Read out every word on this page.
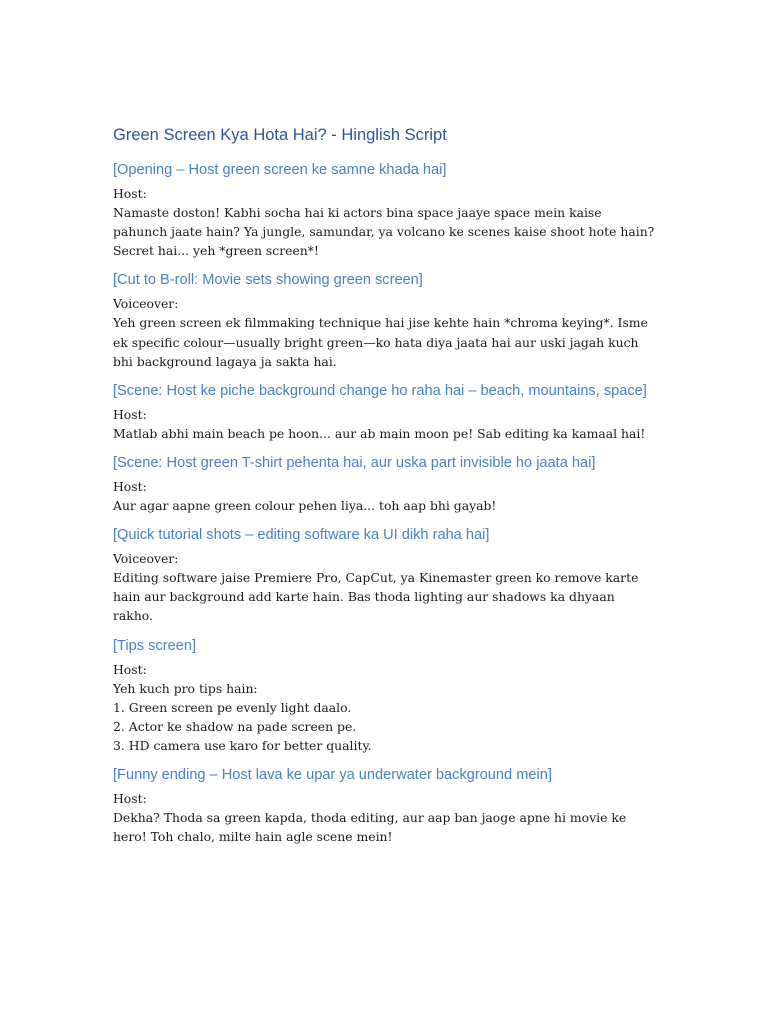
Green Screen Kya Hota Hai? - Hinglish Script
[Opening – Host green screen ke samne khada hai]

Host:

Namaste doston! Kabhi socha hai ki actors bina space jaaye space mein kaise pahunch jaate hain? Ya jungle, samundar, ya volcano ke scenes kaise shoot hote hain? Secret hai... yeh *green screen*!

[Cut to B-roll: Movie sets showing green screen]

Voiceover:

Yeh green screen ek filmmaking technique hai jise kehte hain *chroma keying*. Isme ek specific colour—usually bright green—ko hata diya jaata hai aur uski jagah kuch bhi background lagaya ja sakta hai.

[Scene: Host ke piche background change ho raha hai – beach, mountains, space]

Host:

Matlab abhi main beach pe hoon... aur ab main moon pe! Sab editing ka kamaal hai!

[Scene: Host green T-shirt pehenta hai, aur uska part invisible ho jaata hai]

Host:

Aur agar aapne green colour pehen liya... toh aap bhi gayab!

[Quick tutorial shots – editing software ka UI dikh raha hai]

Voiceover:

Editing software jaise Premiere Pro, CapCut, ya Kinemaster green ko remove karte hain aur background add karte hain. Bas thoda lighting aur shadows ka dhyaan rakho.

[Tips screen]

Host:

Yeh kuch pro tips hain:

1. Green screen pe evenly light daalo.

2. Actor ke shadow na pade screen pe.

3. HD camera use karo for better quality.

[Funny ending – Host lava ke upar ya underwater background mein]

Host:

Dekha? Thoda sa green kapda, thoda editing, aur aap ban jaoge apne hi movie ke hero! Toh chalo, milte hain agle scene mein!
